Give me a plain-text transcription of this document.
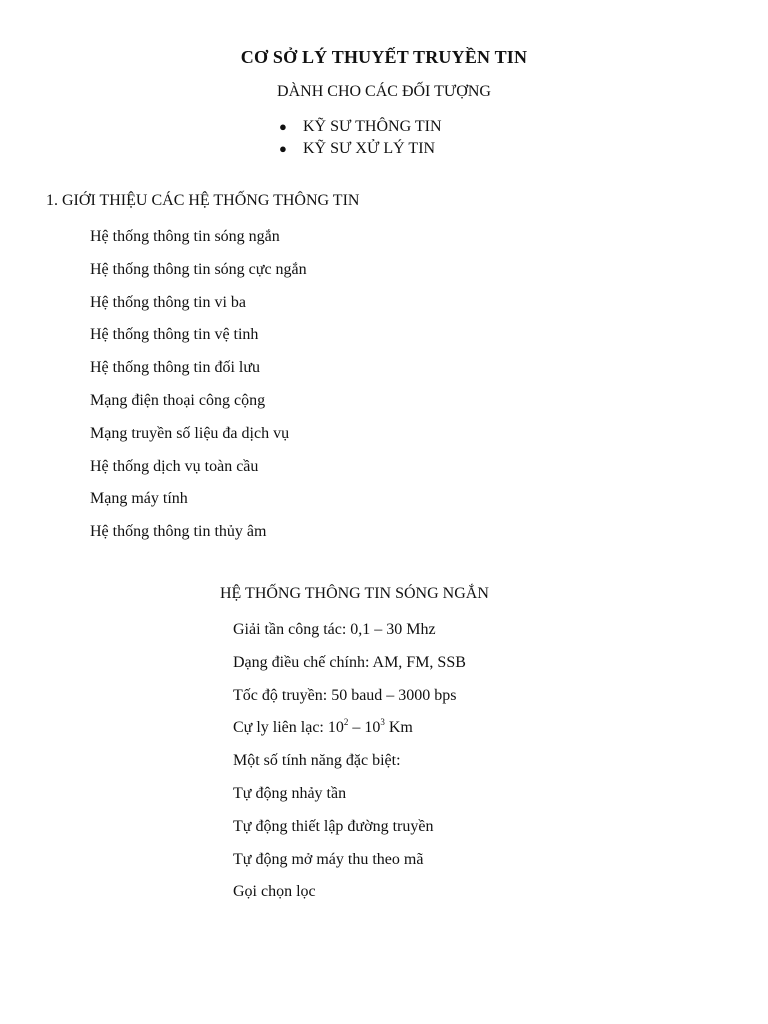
CƠ SỞ LÝ THUYẾT TRUYỀN TIN
DÀNH CHO CÁC ĐỐI TƯỢNG
● KỸ SƯ THÔNG TIN
● KỸ SƯ XỬ LÝ TIN
1. GIỚI THIỆU CÁC HỆ THỐNG THÔNG TIN
Hệ thống thông tin sóng ngắn
Hệ thống thông tin sóng cực ngắn
Hệ thống thông tin vi ba
Hệ thống thông tin vệ tinh
Hệ thống thông tin đối lưu
Mạng điện thoại công cộng
Mạng truyền số liệu đa dịch vụ
Hệ thống dịch vụ toàn cầu
Mạng máy tính
Hệ thống thông tin thủy âm
HỆ THỐNG THÔNG TIN SÓNG NGẮN
Giải tần công tác: 0,1 – 30 Mhz
Dạng điều chế chính: AM, FM, SSB
Tốc độ truyền: 50 baud – 3000 bps
Cự ly liên lạc: $10^2 - 10^3$ Km
Một số tính năng đặc biệt:
Tự động nhảy tần
Tự động thiết lập đường truyền
Tự động mở máy thu theo mã
Gọi chọn lọc
